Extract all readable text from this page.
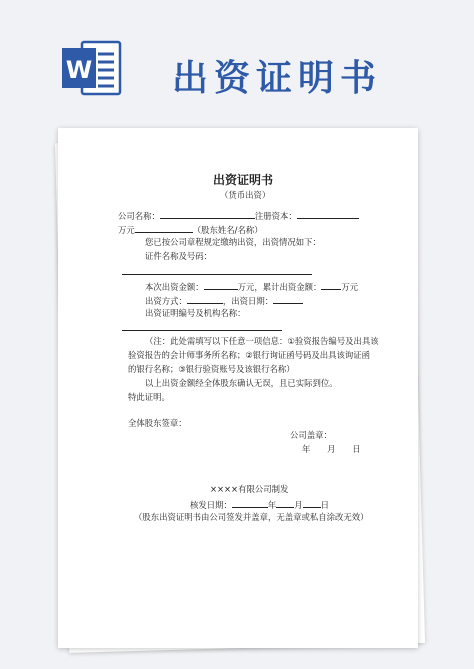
W 出资证明书
出资证明书
（货币出资）
公司名称：	注册资本：
万元	（股东姓名/名称）
您已按公司章程规定缴纳出资，出资情况如下：
证件名称及号码：
本次出资金额：	万元，累计出资金额： 万元
出资方式：	，出资日期：
出资证明编号及机构名称：
（注：此处需填写以下任意一项信息：①验资报告编号及出具该
验资报告的会计师事务所名称；②银行询证函号码及出具该询证函
的银行名称；③银行验资账号及该银行名称）
以上出资金额经全体股东确认无误，且已实际到位。
特此证明。
全体股东签章：
公司盖章：
年　　月　　日
××××有限公司制发
核发日期：	年 月 日
（股东出资证明书由公司签发并盖章，无盖章或私自涂改无效）
